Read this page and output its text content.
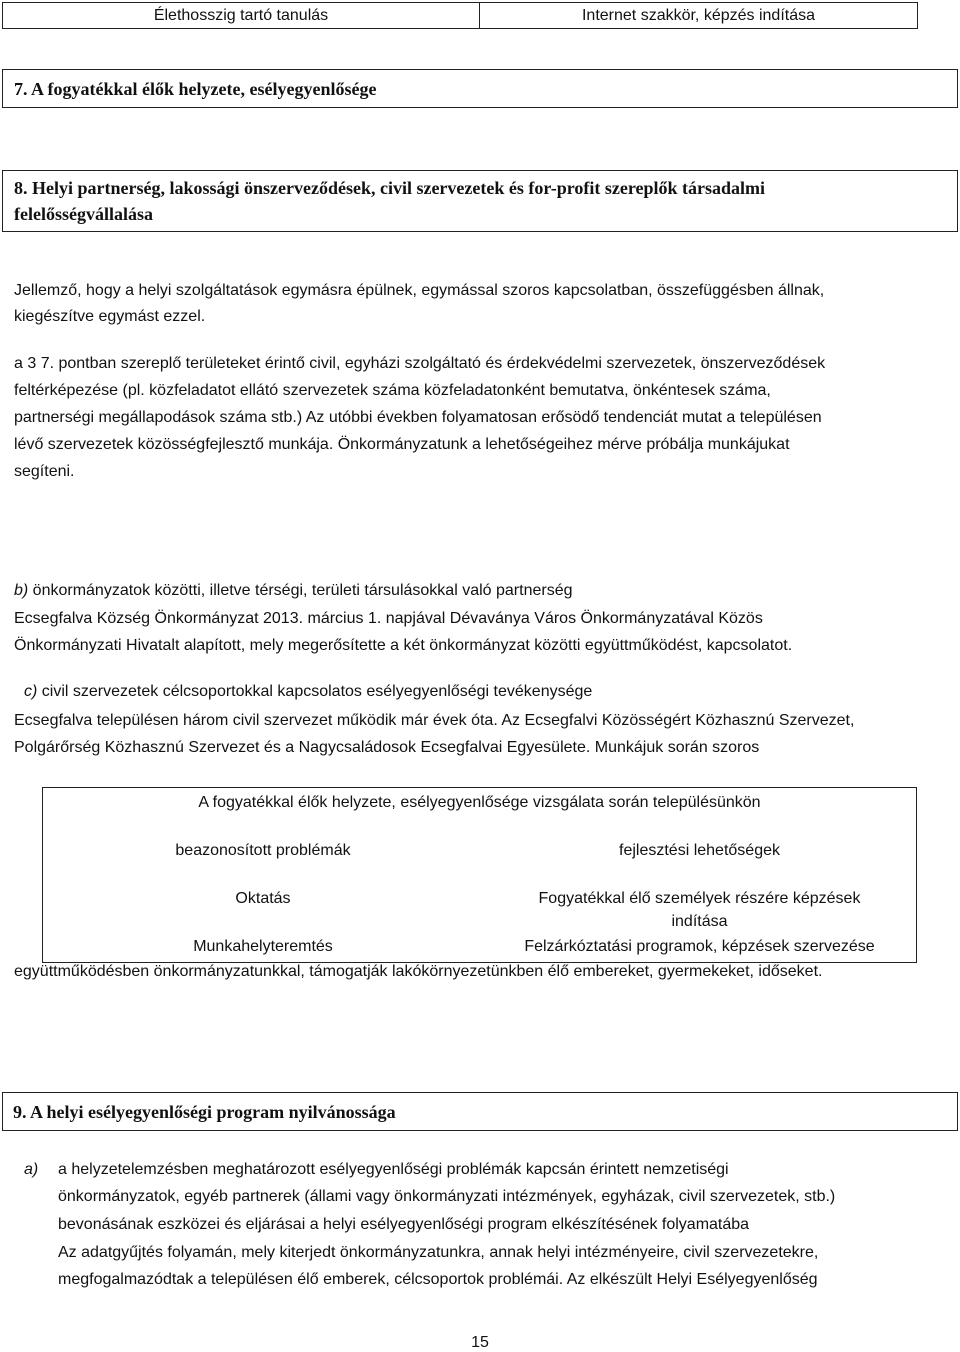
Élethosszig tartó tanulás	Internet szakkör, képzés indítása
7. A fogyatékkal élők helyzete, esélyegyenlősége
8. Helyi partnerség, lakossági önszerveződések, civil szervezetek és for-profit szereplők társadalmi
felelősségvállalása
Jellemző, hogy a helyi szolgáltatások egymásra épülnek, egymással szoros kapcsolatban, összefüggésben állnak,
kiegészítve egymást ezzel.
a 3 7. pontban szereplő területeket érintő civil, egyházi szolgáltató és érdekvédelmi szervezetek, önszerveződések
feltérképezése (pl. közfeladatot ellátó szervezetek száma közfeladatonként bemutatva, önkéntesek száma,
partnerségi megállapodások száma stb.) Az utóbbi években folyamatosan erősödő tendenciát mutat a településen
lévő szervezetek közösségfejlesztő munkája. Önkormányzatunk a lehetőségeihez mérve próbálja munkájukat
segíteni.
b) önkormányzatok közötti, illetve térségi, területi társulásokkal való partnerség
Ecsegfalva Község Önkormányzat 2013. március 1. napjával Dévaványa Város Önkormányzatával Közös
Önkormányzati Hivatalt alapított, mely megerősítette a két önkormányzat közötti együttműködést, kapcsolatot.
c) civil szervezetek célcsoportokkal kapcsolatos esélyegyenlőségi tevékenysége
Ecsegfalva településen három civil szervezet működik már évek óta. Az Ecsegfalvi Közösségért Közhasznú Szervezet,
Polgárőrség Közhasznú Szervezet és a Nagycsaládosok Ecsegfalvai Egyesülete. Munkájuk során szoros
A fogyatékkal élők helyzete, esélyegyenlősége vizsgálata során településünkön
beazonosított problémák	fejlesztési lehetőségek
Oktatás	Fogyatékkal élő személyek részére képzések
indítása
Munkahelyteremtés	Felzárkóztatási programok, képzések szervezése
együttműködésben önkormányzatunkkal, támogatják lakókörnyezetünkben élő embereket, gyermekeket, időseket.
9. A helyi esélyegyenlőségi program nyilvánossága
a) a helyzetelemzésben meghatározott esélyegyenlőségi problémák kapcsán érintett nemzetiségi
önkormányzatok, egyéb partnerek (állami vagy önkormányzati intézmények, egyházak, civil szervezetek, stb.)
bevonásának eszközei és eljárásai a helyi esélyegyenlőségi program elkészítésének folyamatába
Az adatgyűjtés folyamán, mely kiterjedt önkormányzatunkra, annak helyi intézményeire, civil szervezetekre,
megfogalmazódtak a településen élő emberek, célcsoportok problémái. Az elkészült Helyi Esélyegyenlőség
15
